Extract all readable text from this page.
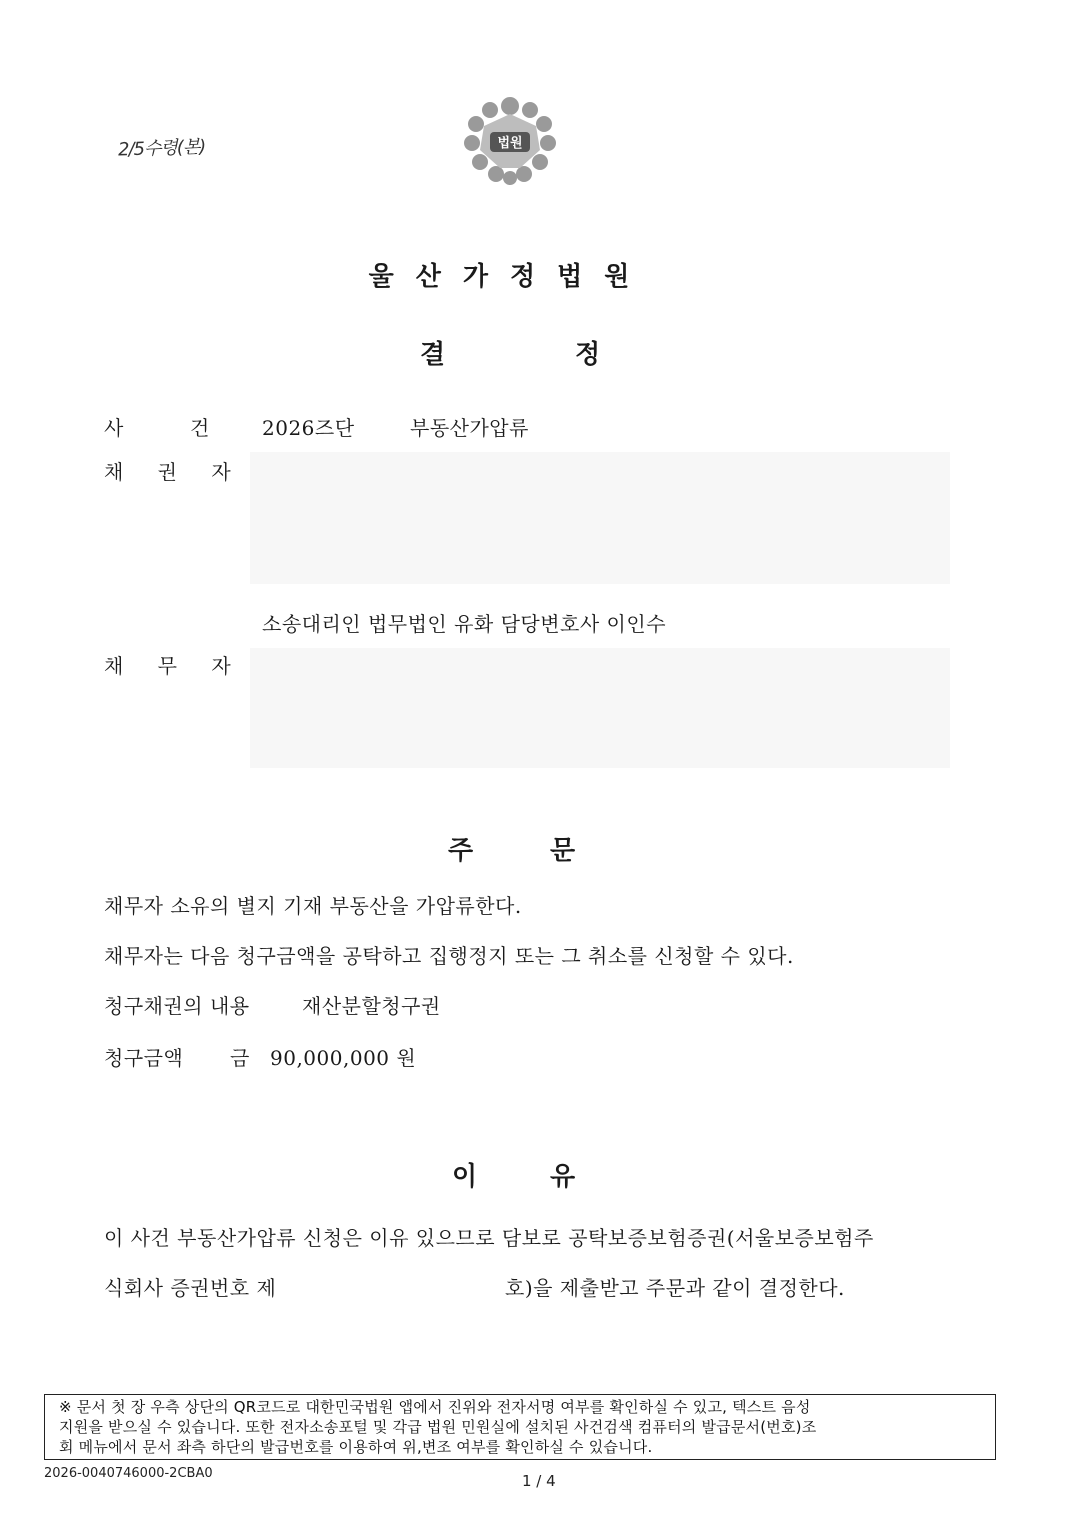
2/5수령(본)	법원
울산가정법원
결	정
사	건	2026즈단	부동산가압류
채 권 자
소송대리인 법무법인 유화 담당변호사 이인수
채 무 자
주	문
채무자 소유의 별지 기재 부동산을 가압류한다.
채무자는 다음 청구금액을 공탁하고 집행정지 또는 그 취소를 신청할 수 있다.
청구채권의 내용	재산분할청구권
청구금액 금 90,000,000 원
이	유
이 사건 부동산가압류 신청은 이유 있으므로 담보로 공탁보증보험증권(서울보증보험주
식회사 증권번호 제	호)을 제출받고 주문과 같이 결정한다.
※ 문서 첫 장 우측 상단의 QR코드로 대한민국법원 앱에서 진위와 전자서명 여부를 확인하실 수 있고, 텍스트 음성
지원을 받으실 수 있습니다. 또한 전자소송포털 및 각급 법원 민원실에 설치된 사건검색 컴퓨터의 발급문서(번호)조
회 메뉴에서 문서 좌측 하단의 발급번호를 이용하여 위,변조 여부를 확인하실 수 있습니다.
2026-0040746000-2CBA0	1 / 4
